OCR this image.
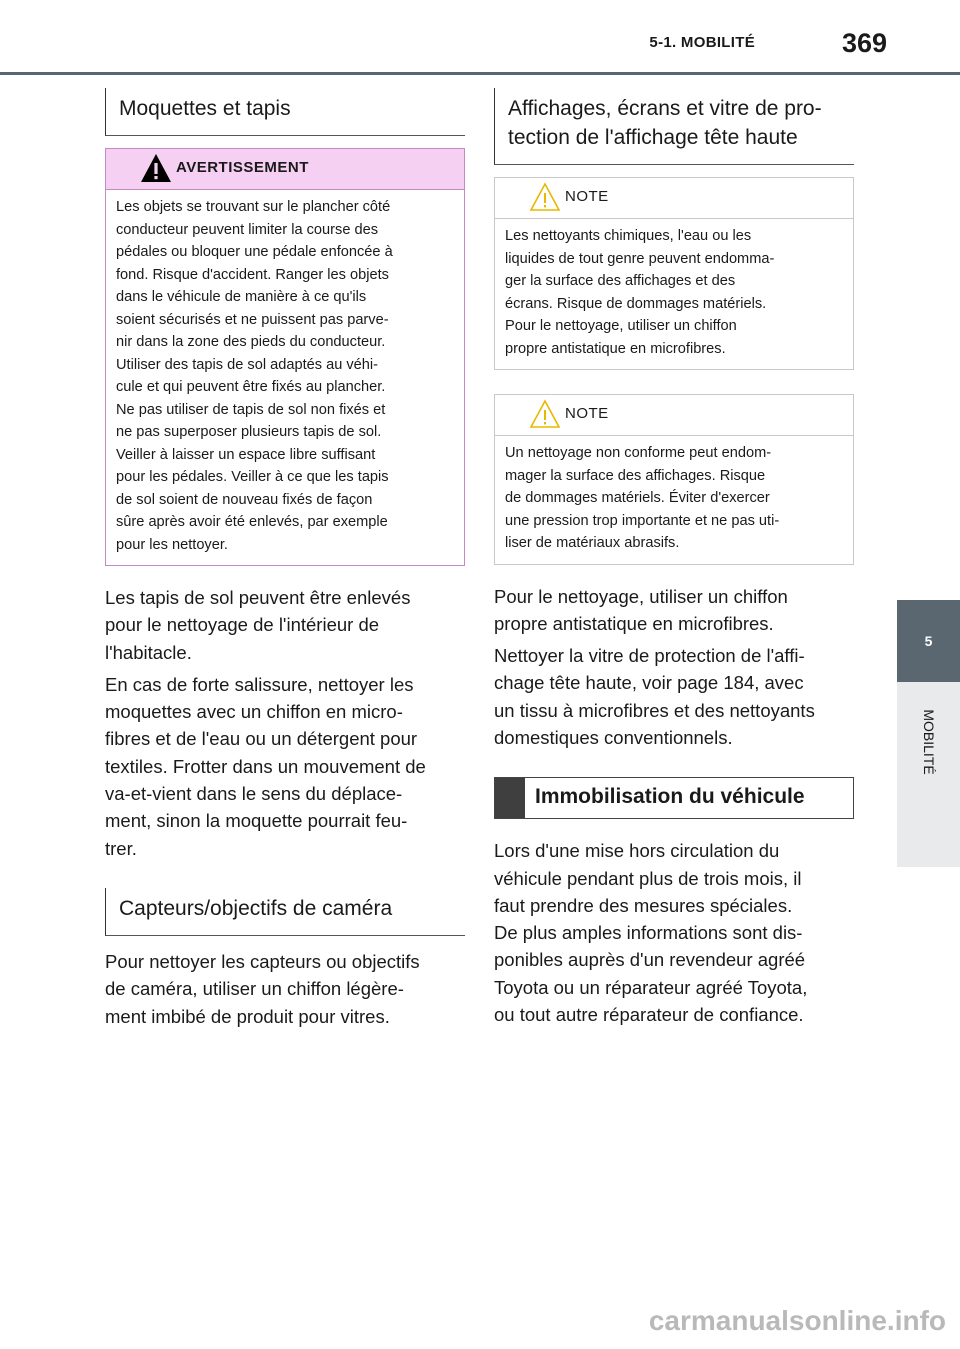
5-1. MOBILITÉ	369
5
MOBILITÉ
Moquettes et tapis
AVERTISSEMENT
Les objets se trouvant sur le plancher côté
conducteur peuvent limiter la course des
pédales ou bloquer une pédale enfoncée à
fond. Risque d'accident. Ranger les objets
dans le véhicule de manière à ce qu'ils
soient sécurisés et ne puissent pas parve-
nir dans la zone des pieds du conducteur.
Utiliser des tapis de sol adaptés au véhi-
cule et qui peuvent être fixés au plancher.
Ne pas utiliser de tapis de sol non fixés et
ne pas superposer plusieurs tapis de sol.
Veiller à laisser un espace libre suffisant
pour les pédales. Veiller à ce que les tapis
de sol soient de nouveau fixés de façon
sûre après avoir été enlevés, par exemple
pour les nettoyer.
Les tapis de sol peuvent être enlevés
pour le nettoyage de l'intérieur de
l'habitacle.
En cas de forte salissure, nettoyer les
moquettes avec un chiffon en micro-
fibres et de l'eau ou un détergent pour
textiles. Frotter dans un mouvement de
va-et-vient dans le sens du déplace-
ment, sinon la moquette pourrait feu-
trer.
Capteurs/objectifs de caméra
Pour nettoyer les capteurs ou objectifs
de caméra, utiliser un chiffon légère-
ment imbibé de produit pour vitres.
Affichages, écrans et vitre de pro-
tection de l'affichage tête haute
NOTE
Les nettoyants chimiques, l'eau ou les
liquides de tout genre peuvent endomma-
ger la surface des affichages et des
écrans. Risque de dommages matériels.
Pour le nettoyage, utiliser un chiffon
propre antistatique en microfibres.
NOTE
Un nettoyage non conforme peut endom-
mager la surface des affichages. Risque
de dommages matériels. Éviter d'exercer
une pression trop importante et ne pas uti-
liser de matériaux abrasifs.
Pour le nettoyage, utiliser un chiffon
propre antistatique en microfibres.
Nettoyer la vitre de protection de l'affi-
chage tête haute, voir page 184, avec
un tissu à microfibres et des nettoyants
domestiques conventionnels.
Immobilisation du véhicule
Lors d'une mise hors circulation du
véhicule pendant plus de trois mois, il
faut prendre des mesures spéciales.
De plus amples informations sont dis-
ponibles auprès d'un revendeur agréé
Toyota ou un réparateur agréé Toyota,
ou tout autre réparateur de confiance.
carmanualsonline.info
